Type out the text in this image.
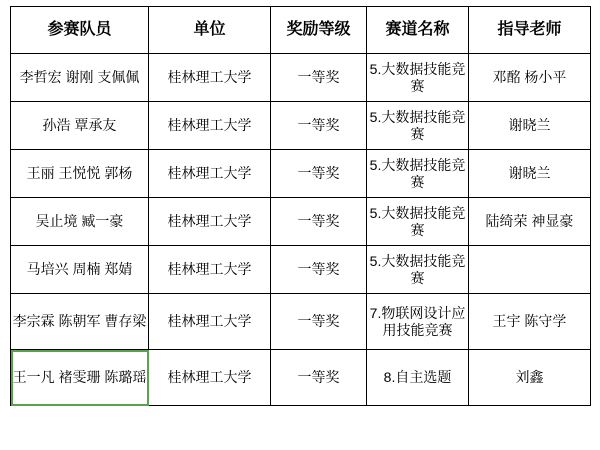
参赛队员	单位	奖励等级	赛道名称	指导老师
李哲宏 谢刚 支佩佩	桂林理工大学	一等奖	5.大数据技能竞赛	邓酩 杨小平
孙浩 覃承友	桂林理工大学	一等奖	5.大数据技能竞赛	谢晓兰
王丽 王悦悦 郭杨	桂林理工大学	一等奖	5.大数据技能竞赛	谢晓兰
吴止境 臧一豪	桂林理工大学	一等奖	5.大数据技能竞赛	陆绮荣 神显豪
马培兴 周楠 郑婧	桂林理工大学	一等奖	5.大数据技能竞赛	
李宗霖 陈朝军 曹存梁	桂林理工大学	一等奖	7.物联网设计应用技能竞赛	王宇 陈守学
王一凡 褚雯珊 陈璐瑶	桂林理工大学	一等奖	8.自主选题	刘鑫
